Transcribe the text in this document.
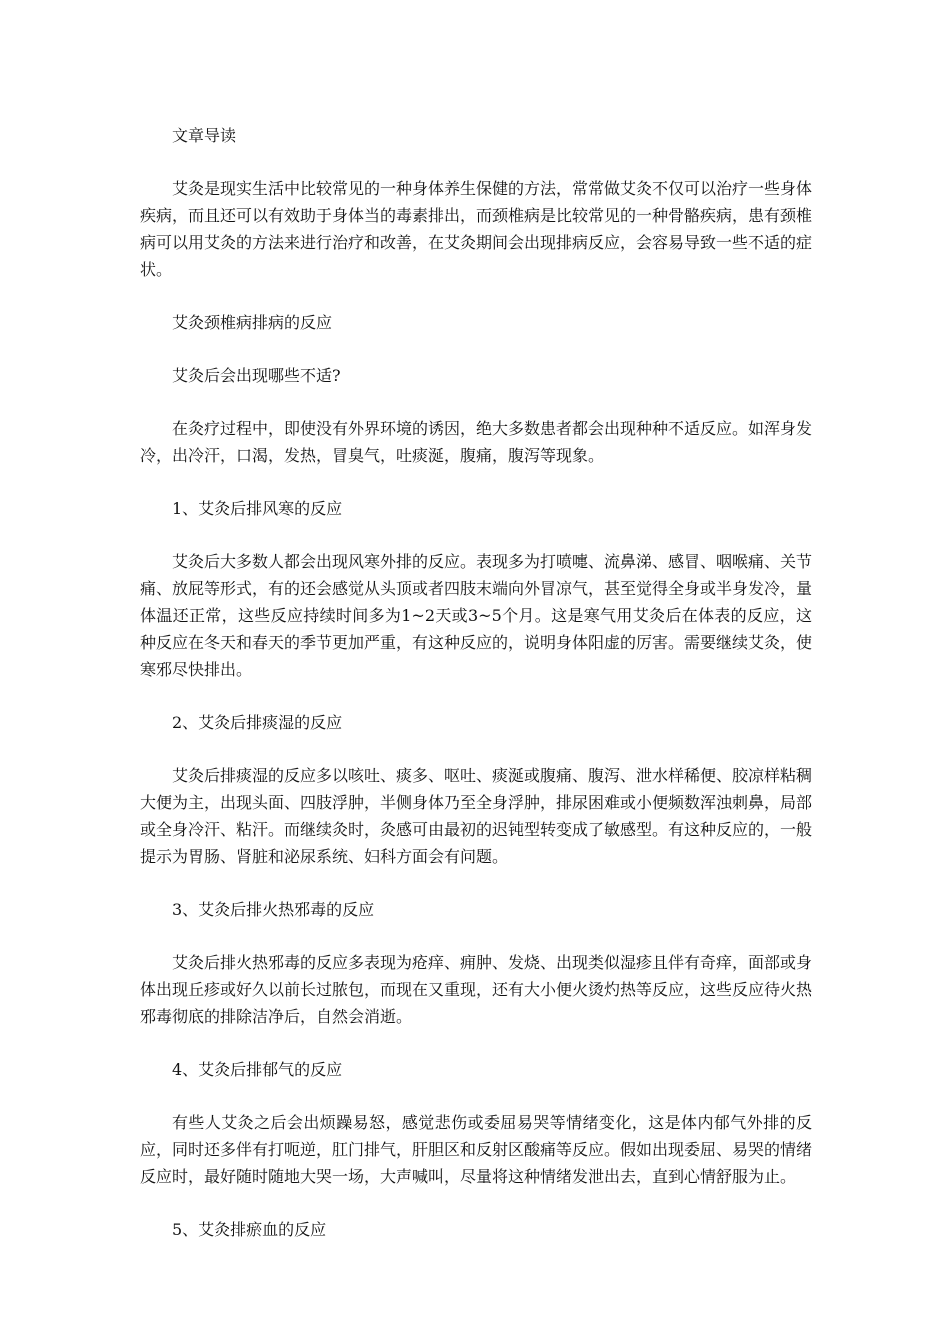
文章导读

艾灸是现实生活中比较常见的一种身体养生保健的方法，常常做艾灸不仅可以治疗一些身体疾病，而且还可以有效助于身体当的毒素排出，而颈椎病是比较常见的一种骨骼疾病，患有颈椎病可以用艾灸的方法来进行治疗和改善，在艾灸期间会出现排病反应，会容易导致一些不适的症状。

艾灸颈椎病排病的反应

艾灸后会出现哪些不适?

在灸疗过程中，即使没有外界环境的诱因，绝大多数患者都会出现种种不适反应。如浑身发冷，出冷汗，口渴，发热，冒臭气，吐痰涎，腹痛，腹泻等现象。

1、艾灸后排风寒的反应

艾灸后大多数人都会出现风寒外排的反应。表现多为打喷嚏、流鼻涕、感冒、咽喉痛、关节痛、放屁等形式，有的还会感觉从头顶或者四肢末端向外冒凉气，甚至觉得全身或半身发冷，量体温还正常，这些反应持续时间多为1~2天或3~5个月。这是寒气用艾灸后在体表的反应，这种反应在冬天和春天的季节更加严重，有这种反应的，说明身体阳虚的厉害。需要继续艾灸，使寒邪尽快排出。

2、艾灸后排痰湿的反应

艾灸后排痰湿的反应多以咳吐、痰多、呕吐、痰涎或腹痛、腹泻、泄水样稀便、胶凉样粘稠大便为主，出现头面、四肢浮肿，半侧身体乃至全身浮肿，排尿困难或小便频数浑浊刺鼻，局部或全身冷汗、粘汗。而继续灸时，灸感可由最初的迟钝型转变成了敏感型。有这种反应的，一般提示为胃肠、肾脏和泌尿系统、妇科方面会有问题。

3、艾灸后排火热邪毒的反应

艾灸后排火热邪毒的反应多表现为疮痒、痈肿、发烧、出现类似湿疹且伴有奇痒，面部或身体出现丘疹或好久以前长过脓包，而现在又重现，还有大小便火烫灼热等反应，这些反应待火热邪毒彻底的排除洁净后，自然会消逝。

4、艾灸后排郁气的反应

有些人艾灸之后会出烦躁易怒，感觉悲伤或委屈易哭等情绪变化，这是体内郁气外排的反应，同时还多伴有打呃逆，肛门排气，肝胆区和反射区酸痛等反应。假如出现委屈、易哭的情绪反应时，最好随时随地大哭一场，大声喊叫，尽量将这种情绪发泄出去，直到心情舒服为止。

5、艾灸排瘀血的反应
